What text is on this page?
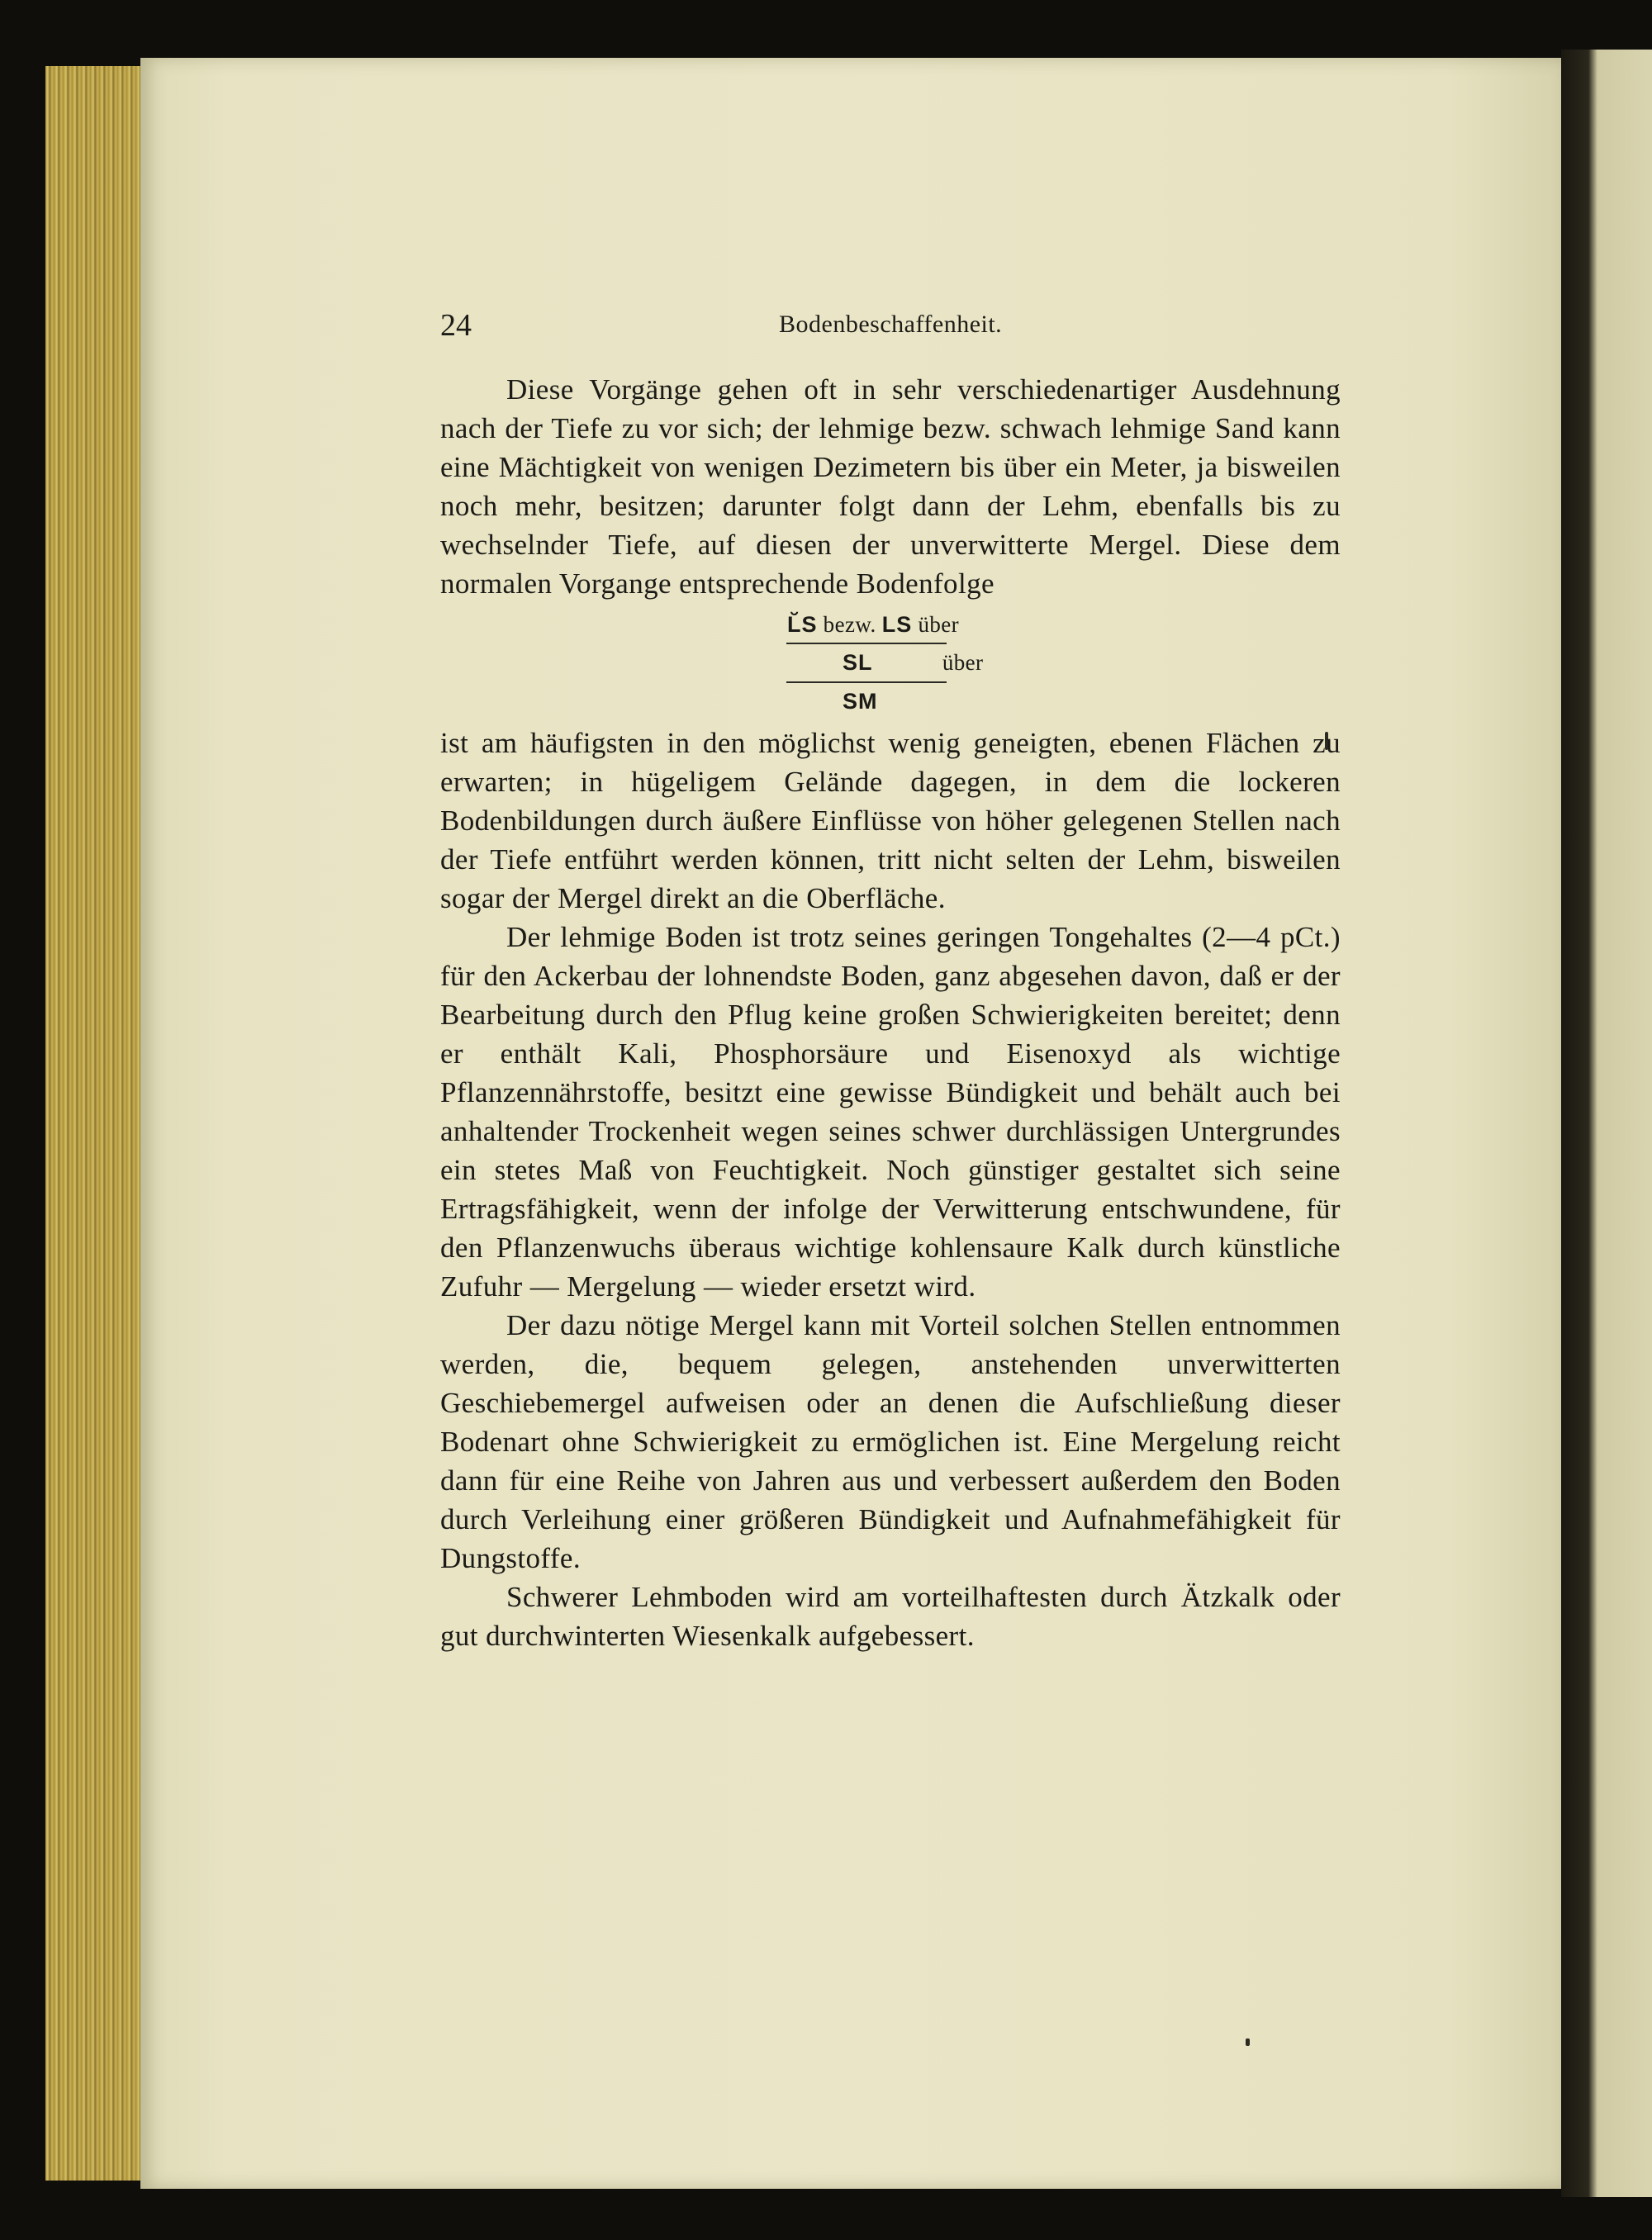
24	Bodenbeschaffenheit.

Diese Vorgänge gehen oft in sehr verschiedenartiger Ausdehnung nach der Tiefe zu vor sich; der lehmige bezw. schwach lehmige Sand kann eine Mächtigkeit von wenigen Dezimetern bis über ein Meter, ja bisweilen noch mehr, besitzen; darunter folgt dann der Lehm, ebenfalls bis zu wechselnder Tiefe, auf diesen der unverwitterte Mergel. Diese dem normalen Vorgange entsprechende Bodenfolge

L̆S bezw. LS über
SL	über
SM

ist am häufigsten in den möglichst wenig geneigten, ebenen Flächen zu erwarten; in hügeligem Gelände dagegen, in dem die lockeren Bodenbildungen durch äußere Einflüsse von höher gelegenen Stellen nach der Tiefe entführt werden können, tritt nicht selten der Lehm, bisweilen sogar der Mergel direkt an die Oberfläche.

Der lehmige Boden ist trotz seines geringen Tongehaltes (2—4 pCt.) für den Ackerbau der lohnendste Boden, ganz abgesehen davon, daß er der Bearbeitung durch den Pflug keine großen Schwierigkeiten bereitet; denn er enthält Kali, Phosphorsäure und Eisenoxyd als wichtige Pflanzennährstoffe, besitzt eine gewisse Bündigkeit und behält auch bei anhaltender Trockenheit wegen seines schwer durchlässigen Untergrundes ein stetes Maß von Feuchtigkeit. Noch günstiger gestaltet sich seine Ertragsfähigkeit, wenn der infolge der Verwitterung entschwundene, für den Pflanzenwuchs überaus wichtige kohlensaure Kalk durch künstliche Zufuhr — Mergelung — wieder ersetzt wird.

Der dazu nötige Mergel kann mit Vorteil solchen Stellen entnommen werden, die, bequem gelegen, anstehenden unverwitterten Geschiebemergel aufweisen oder an denen die Aufschließung dieser Bodenart ohne Schwierigkeit zu ermöglichen ist. Eine Mergelung reicht dann für eine Reihe von Jahren aus und verbessert außerdem den Boden durch Verleihung einer größeren Bündigkeit und Aufnahmefähigkeit für Dungstoffe.

Schwerer Lehmboden wird am vorteilhaftesten durch Ätzkalk oder gut durchwinterten Wiesenkalk aufgebessert.
